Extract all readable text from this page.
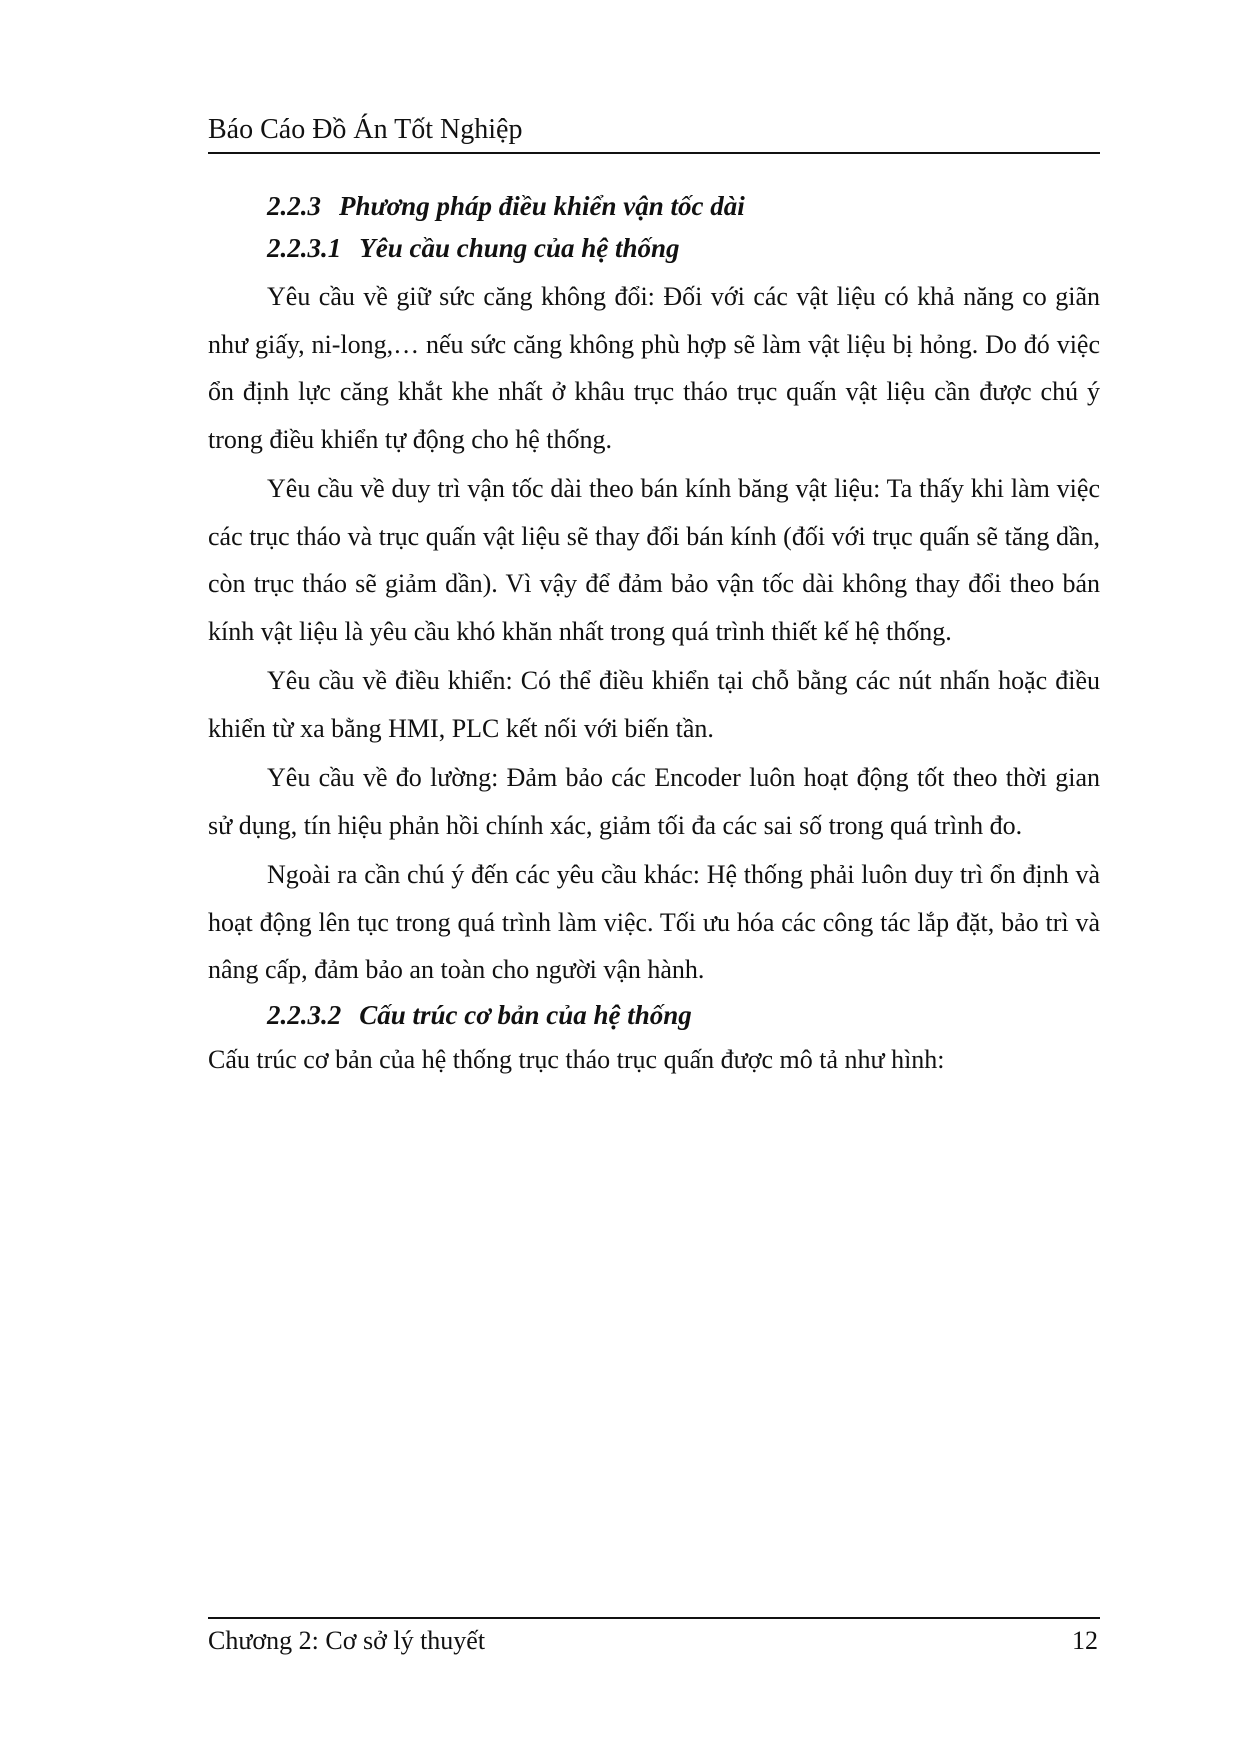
Báo Cáo Đồ Án Tốt Nghiệp
2.2.3 Phương pháp điều khiển vận tốc dài
2.2.3.1 Yêu cầu chung của hệ thống

Yêu cầu về giữ sức căng không đổi: Đối với các vật liệu có khả năng co giãn như giấy, ni-long,… nếu sức căng không phù hợp sẽ làm vật liệu bị hỏng. Do đó việc ổn định lực căng khắt khe nhất ở khâu trục tháo trục quấn vật liệu cần được chú ý trong điều khiển tự động cho hệ thống.

Yêu cầu về duy trì vận tốc dài theo bán kính băng vật liệu: Ta thấy khi làm việc các trục tháo và trục quấn vật liệu sẽ thay đổi bán kính (đối với trục quấn sẽ tăng dần, còn trục tháo sẽ giảm dần). Vì vậy để đảm bảo vận tốc dài không thay đổi theo bán kính vật liệu là yêu cầu khó khăn nhất trong quá trình thiết kế hệ thống.

Yêu cầu về điều khiển: Có thể điều khiển tại chỗ bằng các nút nhấn hoặc điều khiển từ xa bằng HMI, PLC kết nối với biến tần.

Yêu cầu về đo lường: Đảm bảo các Encoder luôn hoạt động tốt theo thời gian sử dụng, tín hiệu phản hồi chính xác, giảm tối đa các sai số trong quá trình đo.

Ngoài ra cần chú ý đến các yêu cầu khác: Hệ thống phải luôn duy trì ổn định và hoạt động lên tục trong quá trình làm việc. Tối ưu hóa các công tác lắp đặt, bảo trì và nâng cấp, đảm bảo an toàn cho người vận hành.

2.2.3.2 Cấu trúc cơ bản của hệ thống

Cấu trúc cơ bản của hệ thống trục tháo trục quấn được mô tả như hình:

Chương 2: Cơ sở lý thuyết	12
